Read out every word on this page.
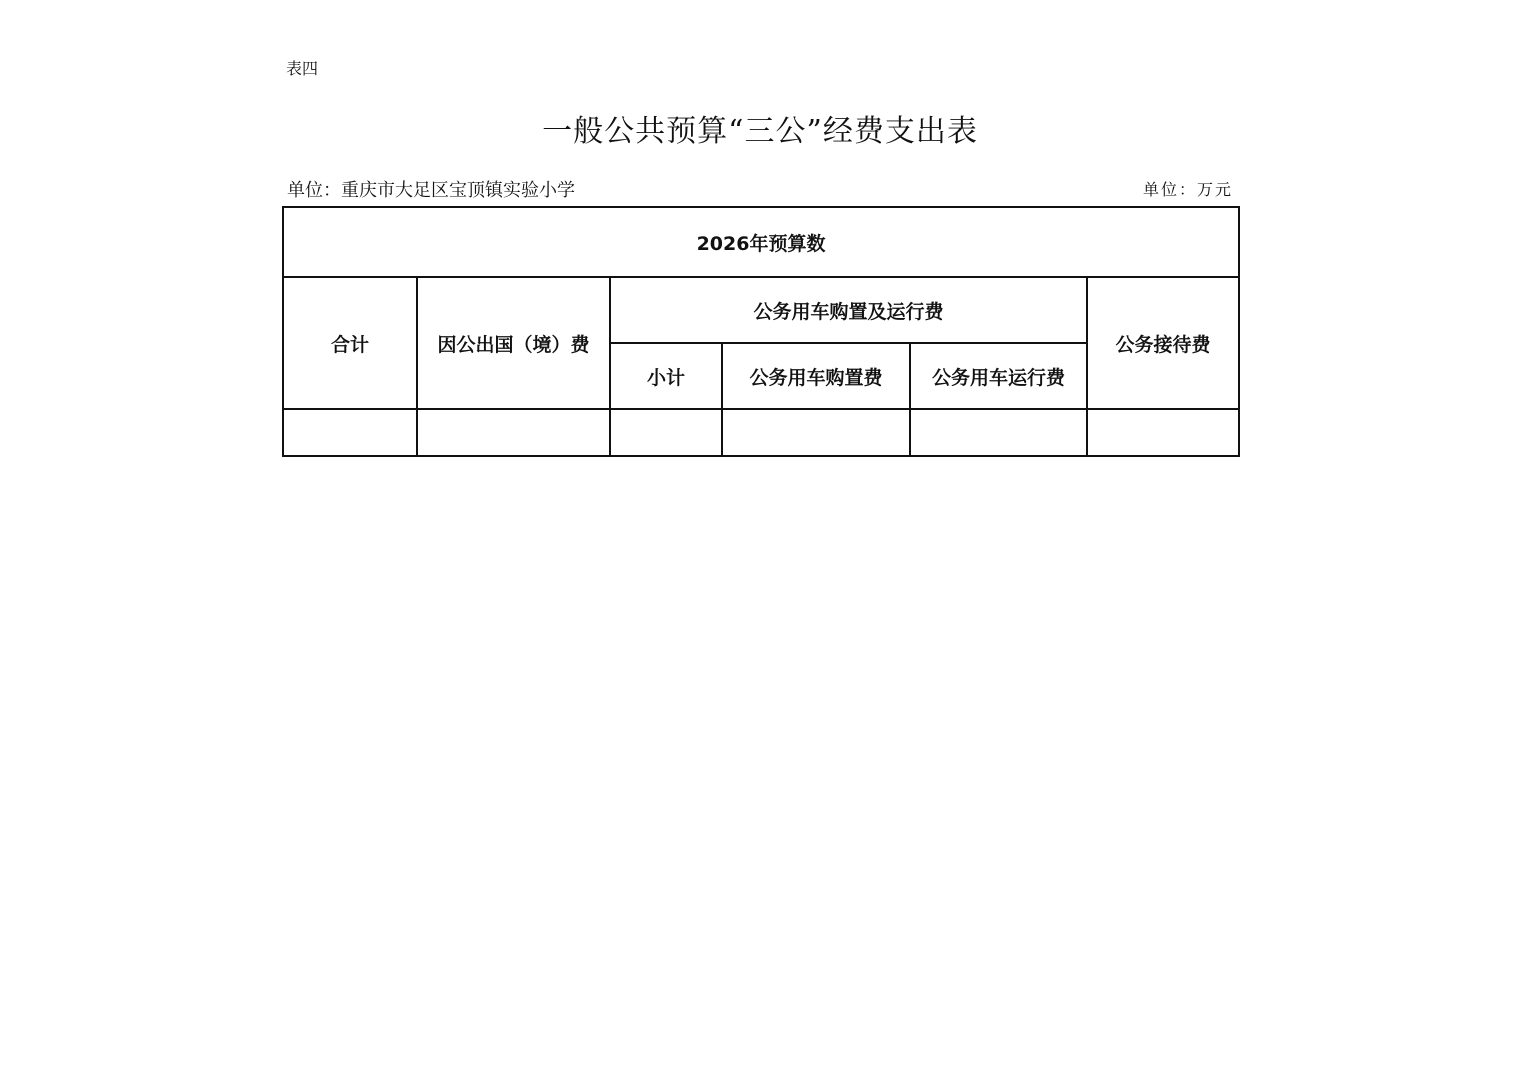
表四
一般公共预算“三公”经费支出表
单位：重庆市大足区宝顶镇实验小学	单位：万元
2026年预算数					
合计	因公出国（境）费	公务用车购置及运行费			公务接待费
		小计	公务用车购置费	公务用车运行费	
